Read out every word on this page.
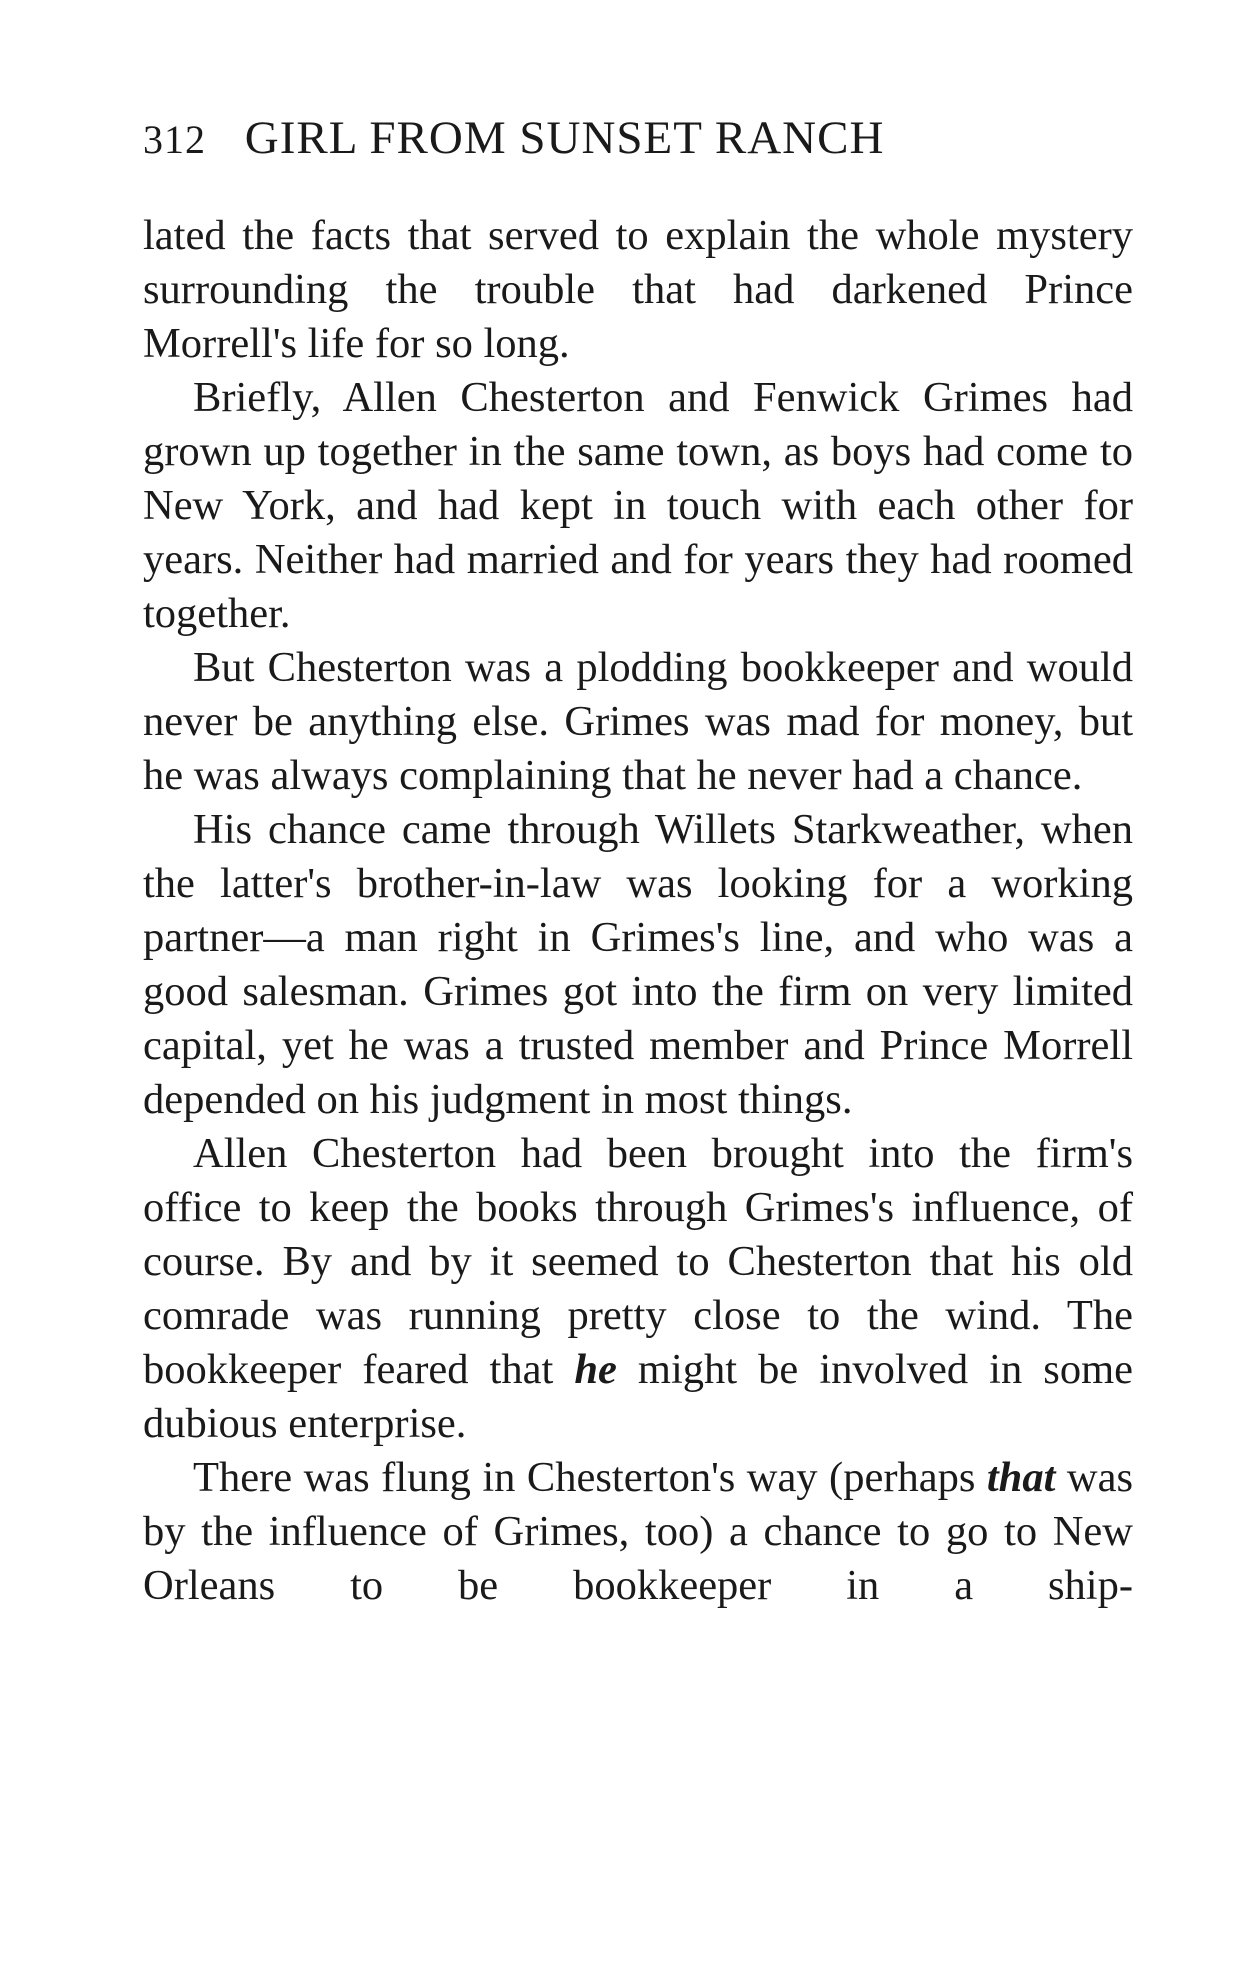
312 GIRL FROM SUNSET RANCH

lated the facts that served to explain the whole mystery surrounding the trouble that had darkened Prince Morrell's life for so long.

Briefly, Allen Chesterton and Fenwick Grimes had grown up together in the same town, as boys had come to New York, and had kept in touch with each other for years. Neither had married and for years they had roomed together.

But Chesterton was a plodding bookkeeper and would never be anything else. Grimes was mad for money, but he was always complaining that he never had a chance.

His chance came through Willets Starkweather, when the latter's brother-in-law was looking for a working partner—a man right in Grimes's line, and who was a good salesman. Grimes got into the firm on very limited capital, yet he was a trusted member and Prince Morrell depended on his judgment in most things.

Allen Chesterton had been brought into the firm's office to keep the books through Grimes's influence, of course. By and by it seemed to Chesterton that his old comrade was running pretty close to the wind. The bookkeeper feared that he might be involved in some dubious enterprise.

There was flung in Chesterton's way (perhaps that was by the influence of Grimes, too) a chance to go to New Orleans to be bookkeeper in a ship-
